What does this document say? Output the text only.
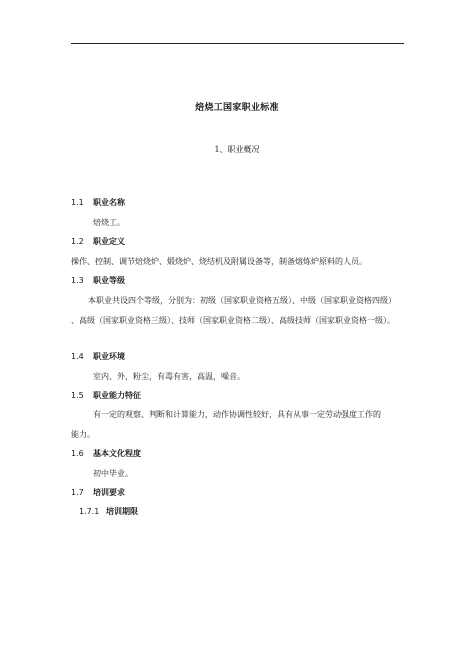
焙烧工国家职业标准
1、职业概况
1.1 职业名称
焙烧工。
1.2 职业定义
操作、控制、调节焙烧炉、煅烧炉、烧结机及附属设备等，制备熔炼炉原料的人员。
1.3 职业等级
本职业共设四个等级，分别为：初级（国家职业资格五级）、中级（国家职业资格四级）
、高级（国家职业资格三级）、技师（国家职业资格二级）、高级技师（国家职业资格一级）。
1.4 职业环境
室内、外，粉尘，有毒有害，高温，噪音。
1.5 职业能力特征
有一定的观察、判断和计算能力，动作协调性较好，具有从事一定劳动强度工作的
能力。
1.6 基本文化程度
初中毕业。
1.7 培训要求
1.7.1 培训期限
